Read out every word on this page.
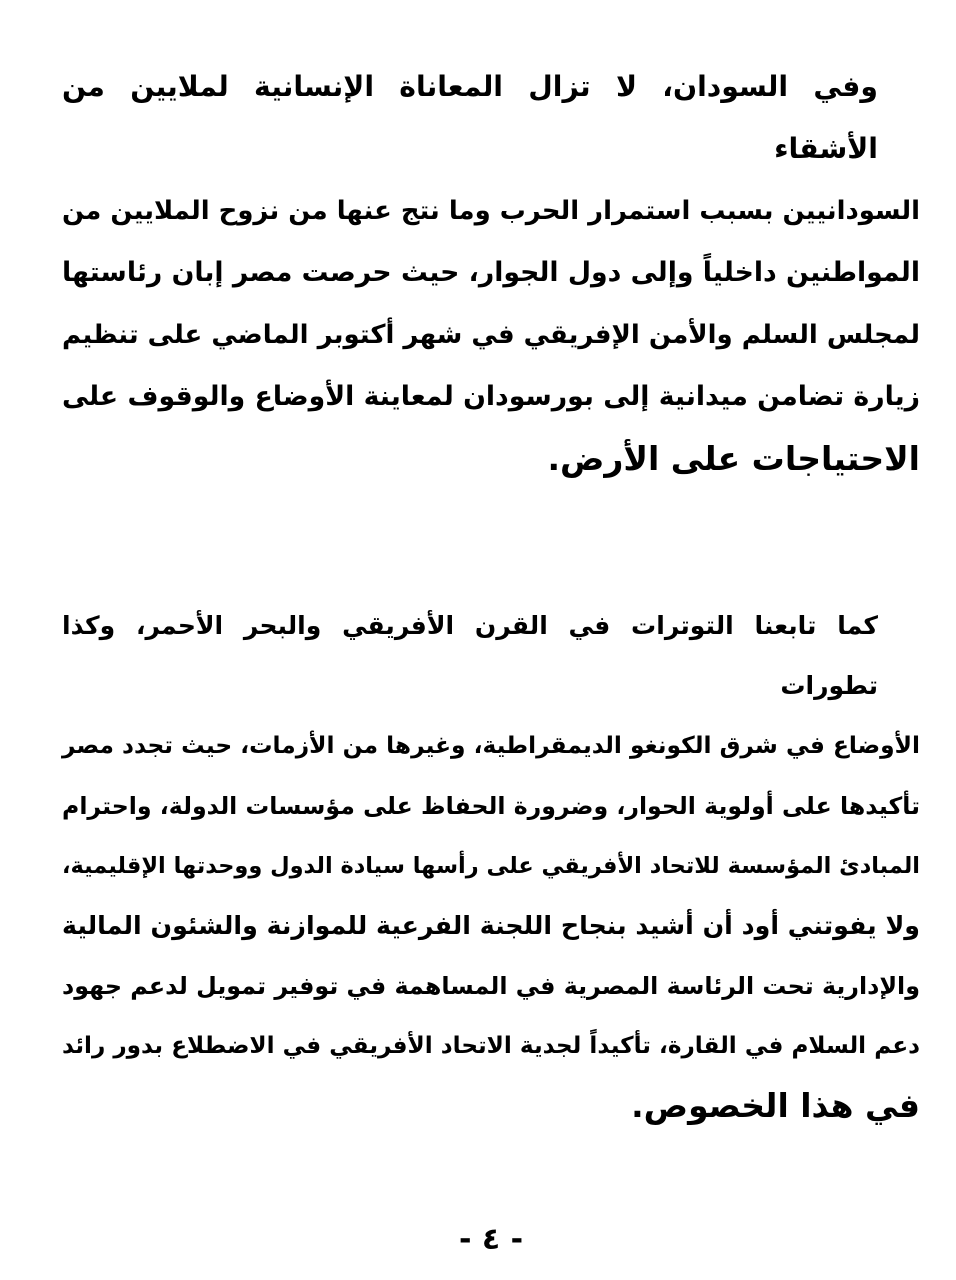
وفي السودان، لا تزال المعاناة الإنسانية لملايين من الأشقاء
السودانيين بسبب استمرار الحرب وما نتج عنها من نزوح الملايين من
المواطنين داخلياً وإلى دول الجوار، حيث حرصت مصر إبان رئاستها
لمجلس السلم والأمن الإفريقي في شهر أكتوبر الماضي على تنظيم
زيارة تضامن ميدانية إلى بورسودان لمعاينة الأوضاع والوقوف على
الاحتياجات على الأرض.
كما تابعنا التوترات في القرن الأفريقي والبحر الأحمر، وكذا تطورات
الأوضاع في شرق الكونغو الديمقراطية، وغيرها من الأزمات، حيث تجدد مصر
تأكيدها على أولوية الحوار، وضرورة الحفاظ على مؤسسات الدولة، واحترام
المبادئ المؤسسة للاتحاد الأفريقي على رأسها سيادة الدول ووحدتها الإقليمية،
ولا يفوتني أود أن أشيد بنجاح اللجنة الفرعية للموازنة والشئون المالية
والإدارية تحت الرئاسة المصرية في المساهمة في توفير تمويل لدعم جهود
دعم السلام في القارة، تأكيداً لجدية الاتحاد الأفريقي في الاضطلاع بدور رائد
في هذا الخصوص.
- ٤ -
